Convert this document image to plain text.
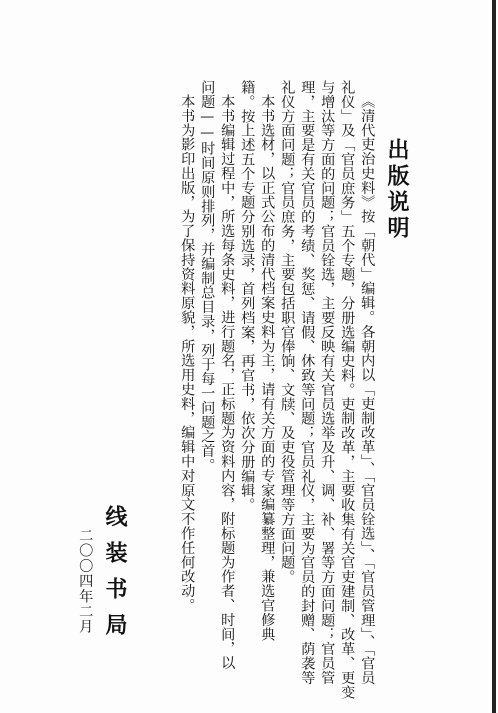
出版说明
《清代吏治史料》按「朝代」编辑。各朝内以「吏制改革」、「官员铨选」、「官员管理」、「官员
礼仪」及「官员庶务」五个专题，分册选编史料。吏制改革，主要收集有关官吏建制、改革、更变
与增汰等方面的问题；官员铨选，主要反映有关官员选举及升、调、补、署等方面问题；官员管
理，主要是有关官员的考绩、奖惩、请假、休致等问题；官员礼仪，主要为官员的封赠、荫袭等
礼仪方面问题；官员庶务，主要包括职官俸饷、文牍、及吏役管理等方面问题。
本书选材，以正式公布的清代档案史料为主，请有关方面的专家编纂整理，兼选官修典
籍。按上述五个专题分别选录，首列档案，再官书，依次分册编辑。
本书编辑过程中，所选每条史料，进行题名，正标题为资料内容，附标题为作者、时间，以
问题——时间原则排列，并编制总目录，列于每一问题之首。
本书为影印出版，为了保持资料原貌，所选用史料，编辑中对原文不作任何改动。
线装书局
二〇〇四年二月
